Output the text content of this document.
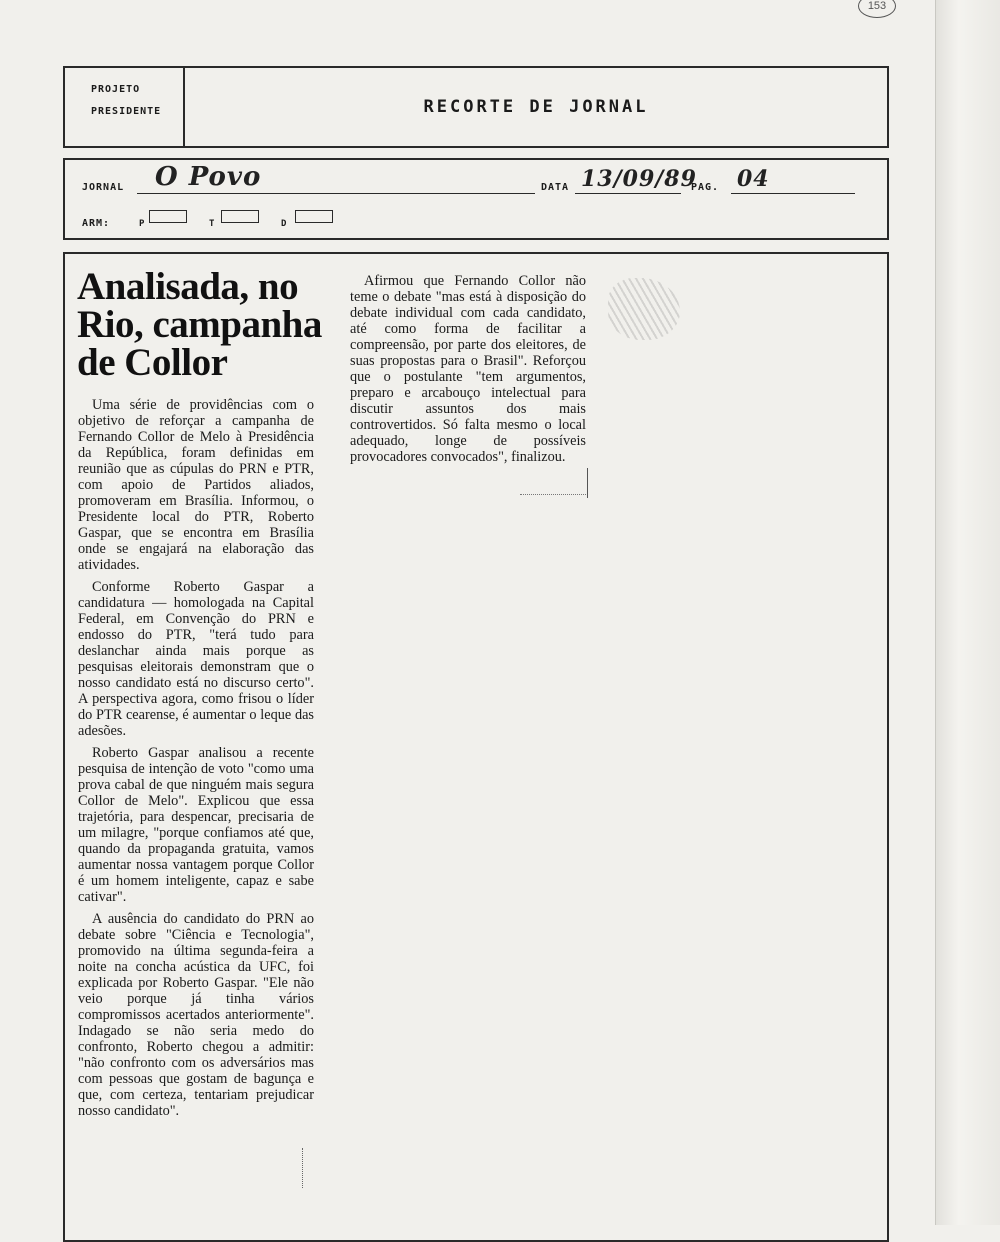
153
PROJETO
PRESIDENTE	RECORTE DE JORNAL
JORNAL O Povo	DATA 13/09/89
PAG. 04
ARM:	P	T	D
Analisada, no Rio, campanha de Collor

Uma série de providências com o objetivo de reforçar a campanha de Fernando Collor de Melo à Presidência da República, foram definidas em reunião que as cúpulas do PRN e PTR, com apoio de Partidos aliados, promoveram em Brasília. Informou, o Presidente local do PTR, Roberto Gaspar, que se encontra em Brasília onde se engajará na elaboração das atividades.

Conforme Roberto Gaspar a candidatura — homologada na Capital Federal, em Convenção do PRN e endosso do PTR, "terá tudo para deslanchar ainda mais porque as pesquisas eleitorais demonstram que o nosso candidato está no discurso certo". A perspectiva agora, como frisou o líder do PTR cearense, é aumentar o leque das adesões.

Roberto Gaspar analisou a recente pesquisa de intenção de voto "como uma prova cabal de que ninguém mais segura Collor de Melo". Explicou que essa trajetória, para despencar, precisaria de um milagre, "porque confiamos até que, quando da propaganda gratuita, vamos aumentar nossa vantagem porque Collor é um homem inteligente, capaz e sabe cativar".

A ausência do candidato do PRN ao debate sobre "Ciência e Tecnologia", promovido na última segunda-feira a noite na concha acústica da UFC, foi explicada por Roberto Gaspar. "Ele não veio porque já tinha vários compromissos acertados anteriormente". Indagado se não seria medo do confronto, Roberto chegou a admitir: "não confronto com os adversários mas com pessoas que gostam de bagunça e que, com certeza, tentariam prejudicar nosso candidato".

Afirmou que Fernando Collor não teme o debate "mas está à disposição do debate individual com cada candidato, até como forma de facilitar a compreensão, por parte dos eleitores, de suas propostas para o Brasil". Reforçou que o postulante "tem argumentos, preparo e arcabouço intelectual para discutir assuntos dos mais controvertidos. Só falta mesmo o local adequado, longe de possíveis provocadores convocados", finalizou.
